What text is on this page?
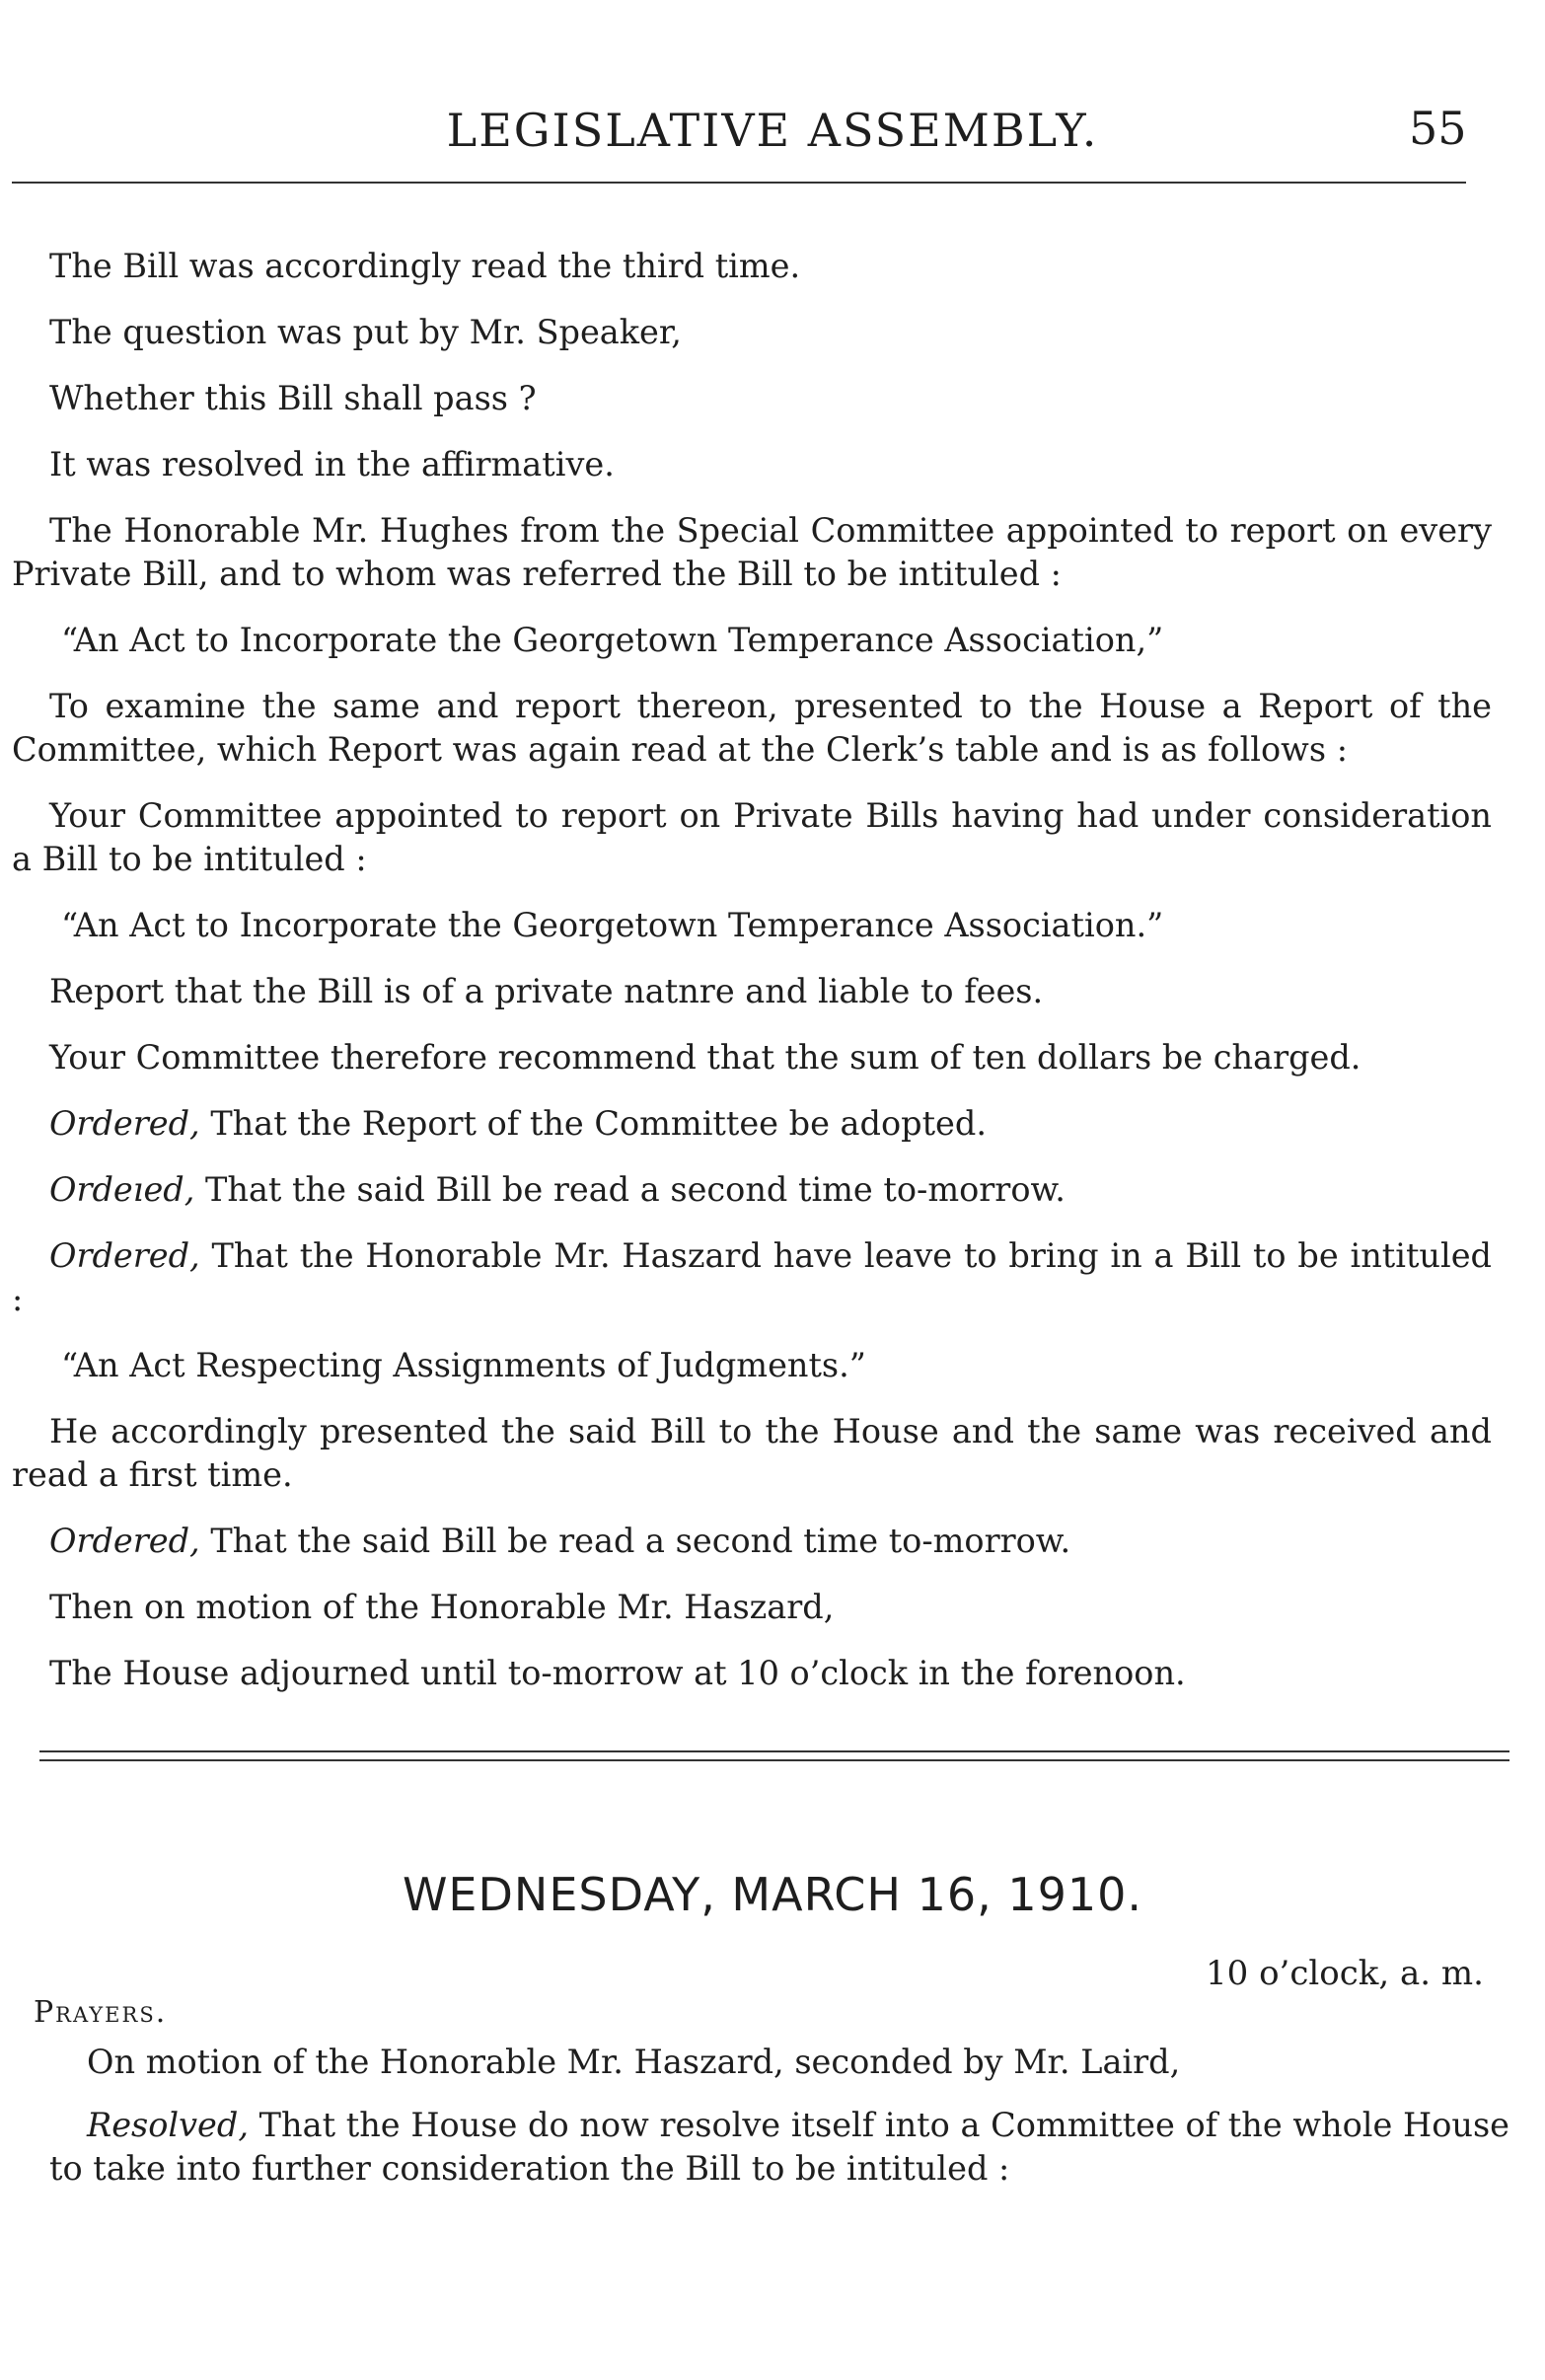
LEGISLATIVE ASSEMBLY.	55

The Bill was accordingly read the third time.

The question was put by Mr. Speaker,

Whether this Bill shall pass ?

It was resolved in the affirmative.

The Honorable Mr. Hughes from the Special Committee appointed to report on every Private Bill, and to whom was referred the Bill to be intituled :

“An Act to Incorporate the Georgetown Temperance Association,”

To examine the same and report thereon, presented to the House a Report of the Committee, which Report was again read at the Clerk’s table and is as follows :

Your Committee appointed to report on Private Bills having had under consideration a Bill to be intituled :

“An Act to Incorporate the Georgetown Temperance Association.”

Report that the Bill is of a private natnre and liable to fees.

Your Committee therefore recommend that the sum of ten dollars be charged.

Ordered, That the Report of the Committee be adopted.

Ordeıed, That the said Bill be read a second time to-morrow.

Ordered, That the Honorable Mr. Haszard have leave to bring in a Bill to be intituled :

“An Act Respecting Assignments of Judgments.”

He accordingly presented the said Bill to the House and the same was received and read a first time.

Ordered, That the said Bill be read a second time to-morrow.

Then on motion of the Honorable Mr. Haszard,

The House adjourned until to-morrow at 10 o’clock in the forenoon.

WEDNESDAY, MARCH 16, 1910.
10 o’clock, a. m.
Prayers.

On motion of the Honorable Mr. Haszard, seconded by Mr. Laird,

Resolved, That the House do now resolve itself into a Committee of the whole House to take into further consideration the Bill to be intituled :
